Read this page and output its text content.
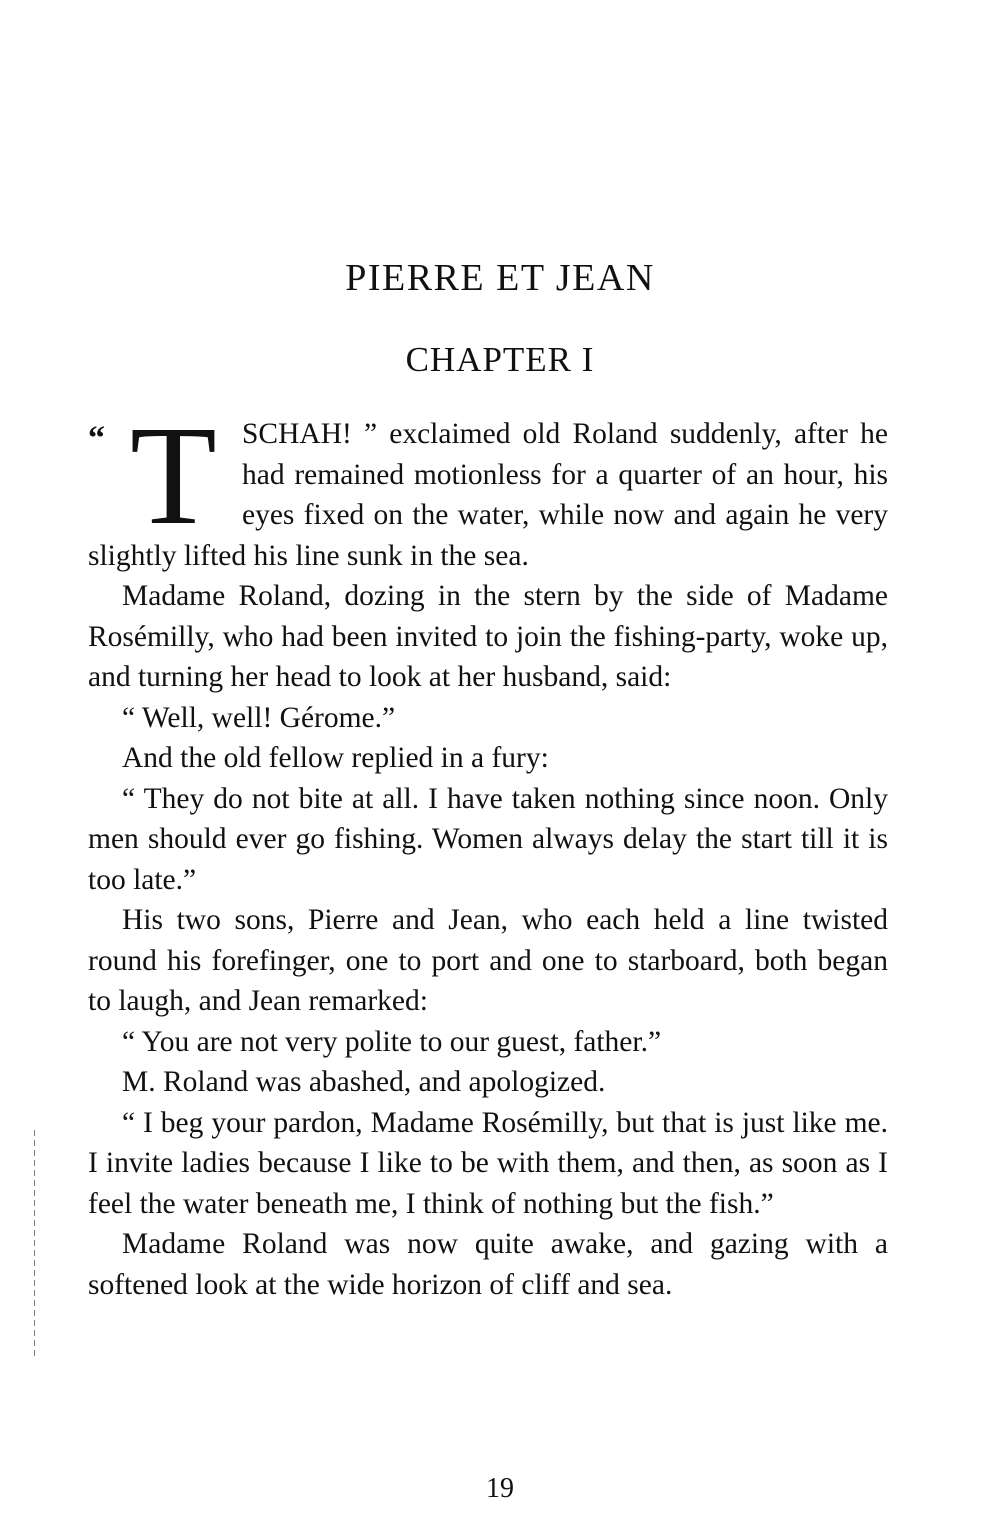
PIERRE ET JEAN
CHAPTER I

“ T SCHAH! ” exclaimed old Roland suddenly, after he had remained motionless for a quarter of an hour, his eyes fixed on the water, while now and again he very slightly lifted his line sunk in the sea.

Madame Roland, dozing in the stern by the side of Madame Rosémilly, who had been invited to join the fishing-party, woke up, and turning her head to look at her husband, said:

“ Well, well! Gérome.”

And the old fellow replied in a fury:

“ They do not bite at all. I have taken nothing since noon. Only men should ever go fishing. Women always delay the start till it is too late.”

His two sons, Pierre and Jean, who each held a line twisted round his forefinger, one to port and one to starboard, both began to laugh, and Jean remarked:

“ You are not very polite to our guest, father.”

M. Roland was abashed, and apologized.

“ I beg your pardon, Madame Rosémilly, but that is just like me. I invite ladies because I like to be with them, and then, as soon as I feel the water beneath me, I think of nothing but the fish.”

Madame Roland was now quite awake, and gazing with a softened look at the wide horizon of cliff and sea.

19
